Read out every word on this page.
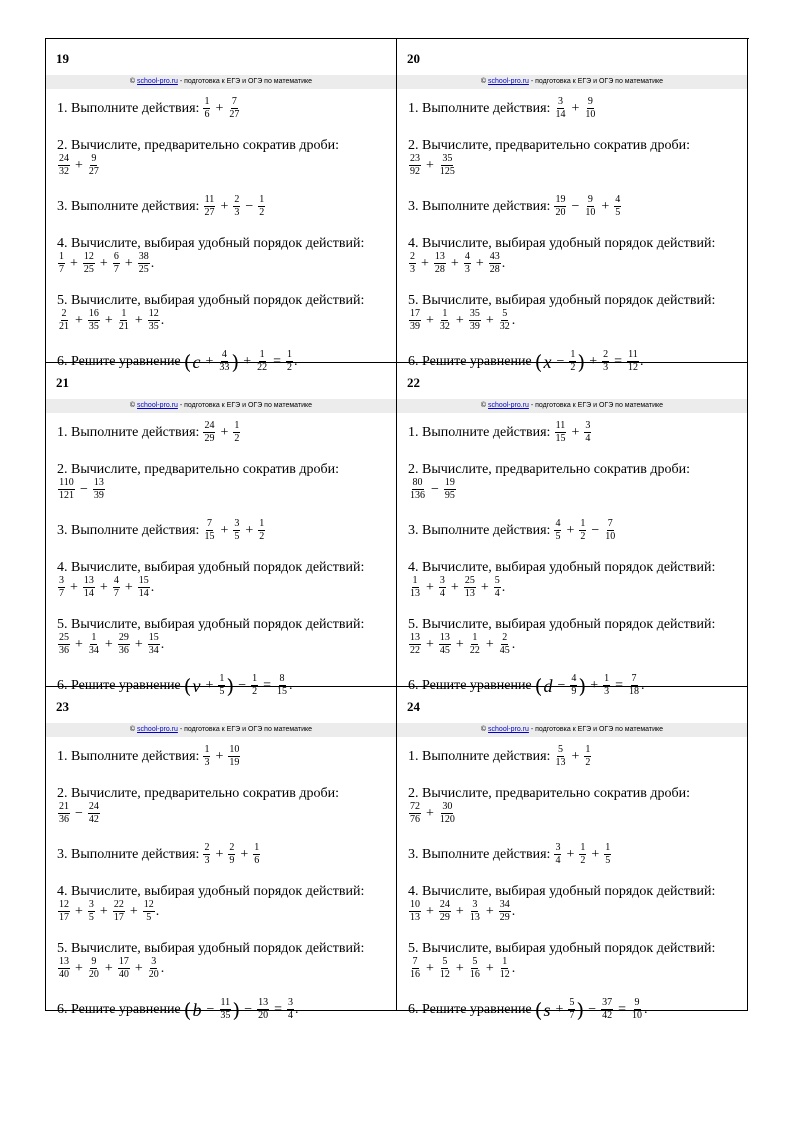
19
© school-pro.ru - подготовка к ЕГЭ и ОГЭ по математике
1. Выполните действия: $\frac{1}{6} + \frac{7}{27}$
2. Вычислите, предварительно сократив дроби:
$\frac{24}{32} + \frac{9}{27}$
3. Выполните действия: $\frac{11}{27} + \frac{2}{3} - \frac{1}{2}$
4. Вычислите, выбирая удобный порядок действий:
$\frac{1}{7} + \frac{12}{25} + \frac{6}{7} + \frac{38}{25}$ .
5. Вычислите, выбирая удобный порядок действий:
$\frac{2}{21} + \frac{16}{35} + \frac{1}{21} + \frac{12}{35}$ .
6. Решите уравнение ( $c + \frac{4}{33}$ ) + $\frac{1}{22} = \frac{1}{2}$ .
20
© school-pro.ru - подготовка к ЕГЭ и ОГЭ по математике
1. Выполните действия: $\frac{3}{14} + \frac{9}{10}$
2. Вычислите, предварительно сократив дроби:
$\frac{23}{92} + \frac{35}{125}$
3. Выполните действия: $\frac{19}{20} - \frac{9}{10} + \frac{4}{5}$
4. Вычислите, выбирая удобный порядок действий:
$\frac{2}{3} + \frac{13}{28} + \frac{4}{3} + \frac{43}{28}$ .
5. Вычислите, выбирая удобный порядок действий:
$\frac{17}{39} + \frac{1}{32} + \frac{35}{39} + \frac{5}{32}$ .
6. Решите уравнение ( $x - \frac{1}{2}$ ) + $\frac{2}{3} = \frac{11}{12}$ .
21
© school-pro.ru - подготовка к ЕГЭ и ОГЭ по математике
1. Выполните действия: $\frac{24}{29} + \frac{1}{2}$
2. Вычислите, предварительно сократив дроби:
$\frac{110}{121} - \frac{13}{39}$
3. Выполните действия: $\frac{7}{15} + \frac{3}{5} + \frac{1}{2}$
4. Вычислите, выбирая удобный порядок действий:
$\frac{3}{7} + \frac{13}{14} + \frac{4}{7} + \frac{15}{14}$ .
5. Вычислите, выбирая удобный порядок действий:
$\frac{25}{36} + \frac{1}{34} + \frac{29}{36} + \frac{15}{34}$ .
6. Решите уравнение ( $v + \frac{1}{5}$ ) − $\frac{1}{2} = \frac{8}{15}$ .
22
© school-pro.ru - подготовка к ЕГЭ и ОГЭ по математике
1. Выполните действия: $\frac{11}{15} + \frac{3}{4}$
2. Вычислите, предварительно сократив дроби:
$\frac{80}{136} - \frac{19}{95}$
3. Выполните действия: $\frac{4}{5} + \frac{1}{2} - \frac{7}{10}$
4. Вычислите, выбирая удобный порядок действий:
$\frac{1}{13} + \frac{3}{4} + \frac{25}{13} + \frac{5}{4}$ .
5. Вычислите, выбирая удобный порядок действий:
$\frac{13}{22} + \frac{13}{45} + \frac{1}{22} + \frac{2}{45}$ .
6. Решите уравнение ( $d - \frac{4}{9}$ ) + $\frac{1}{3} = \frac{7}{18}$ .
23
© school-pro.ru - подготовка к ЕГЭ и ОГЭ по математике
1. Выполните действия: $\frac{1}{3} + \frac{10}{19}$
2. Вычислите, предварительно сократив дроби:
$\frac{21}{36} - \frac{24}{42}$
3. Выполните действия: $\frac{2}{3} + \frac{2}{9} + \frac{1}{6}$
4. Вычислите, выбирая удобный порядок действий:
$\frac{12}{17} + \frac{3}{5} + \frac{22}{17} + \frac{12}{5}$ .
5. Вычислите, выбирая удобный порядок действий:
$\frac{13}{40} + \frac{9}{20} + \frac{17}{40} + \frac{3}{20}$ .
6. Решите уравнение ( $b - \frac{11}{35}$ ) − $\frac{13}{20} = \frac{3}{4}$ .
24
© school-pro.ru - подготовка к ЕГЭ и ОГЭ по математике
1. Выполните действия: $\frac{5}{13} + \frac{1}{2}$
2. Вычислите, предварительно сократив дроби:
$\frac{72}{76} + \frac{30}{120}$
3. Выполните действия: $\frac{3}{4} + \frac{1}{2} + \frac{1}{5}$
4. Вычислите, выбирая удобный порядок действий:
$\frac{10}{13} + \frac{24}{29} + \frac{3}{13} + \frac{34}{29}$ .
5. Вычислите, выбирая удобный порядок действий:
$\frac{7}{16} + \frac{5}{12} + \frac{5}{16} + \frac{1}{12}$ .
6. Решите уравнение ( $s + \frac{5}{7}$ ) − $\frac{37}{42} = \frac{9}{10}$ .
